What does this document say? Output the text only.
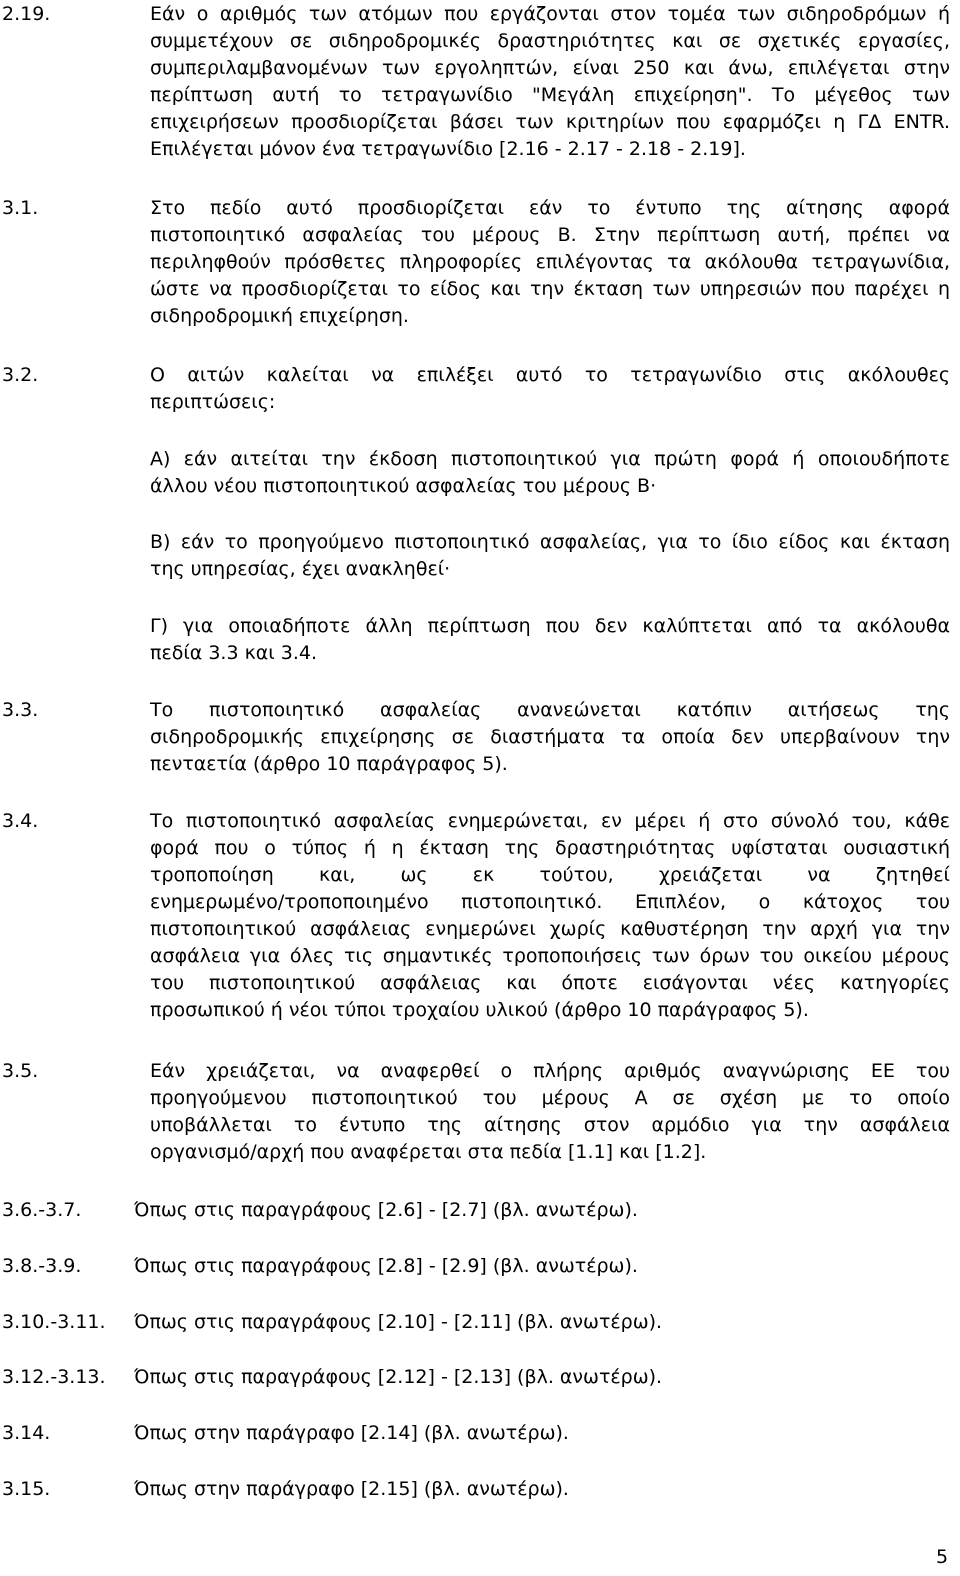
2.19.	Εάν ο αριθμός των ατόμων που εργάζονται στον τομέα των σιδηροδρόμων ή
συμμετέχουν σε σιδηροδρομικές δραστηριότητες και σε σχετικές εργασίες,
συμπεριλαμβανομένων των εργοληπτών, είναι 250 και άνω, επιλέγεται στην
περίπτωση αυτή το τετραγωνίδιο "Μεγάλη επιχείρηση". Το μέγεθος των
επιχειρήσεων προσδιορίζεται βάσει των κριτηρίων που εφαρμόζει η ΓΔ ENTR.
Επιλέγεται μόνον ένα τετραγωνίδιο [2.16 - 2.17 - 2.18 - 2.19].
3.1.	Στο πεδίο αυτό προσδιορίζεται εάν το έντυπο της αίτησης αφορά
πιστοποιητικό ασφαλείας του μέρους Β. Στην περίπτωση αυτή, πρέπει να
περιληφθούν πρόσθετες πληροφορίες επιλέγοντας τα ακόλουθα τετραγωνίδια,
ώστε να προσδιορίζεται το είδος και την έκταση των υπηρεσιών που παρέχει η
σιδηροδρομική επιχείρηση.
3.2.	Ο αιτών καλείται να επιλέξει αυτό το τετραγωνίδιο στις ακόλουθες
περιπτώσεις:
Α) εάν αιτείται την έκδοση πιστοποιητικού για πρώτη φορά ή οποιουδήποτε
άλλου νέου πιστοποιητικού ασφαλείας του μέρους Β·
Β) εάν το προηγούμενο πιστοποιητικό ασφαλείας, για το ίδιο είδος και έκταση
της υπηρεσίας, έχει ανακληθεί·
Γ) για οποιαδήποτε άλλη περίπτωση που δεν καλύπτεται από τα ακόλουθα
πεδία 3.3 και 3.4.
3.3.	Το πιστοποιητικό ασφαλείας ανανεώνεται κατόπιν αιτήσεως της
σιδηροδρομικής επιχείρησης σε διαστήματα τα οποία δεν υπερβαίνουν την
πενταετία (άρθρο 10 παράγραφος 5).
3.4.	Το πιστοποιητικό ασφαλείας ενημερώνεται, εν μέρει ή στο σύνολό του, κάθε
φορά που ο τύπος ή η έκταση της δραστηριότητας υφίσταται ουσιαστική
τροποποίηση και, ως εκ τούτου, χρειάζεται να ζητηθεί
ενημερωμένο/τροποποιημένο πιστοποιητικό. Επιπλέον, ο κάτοχος του
πιστοποιητικού ασφάλειας ενημερώνει χωρίς καθυστέρηση την αρχή για την
ασφάλεια για όλες τις σημαντικές τροποποιήσεις των όρων του οικείου μέρους
του πιστοποιητικού ασφάλειας και όποτε εισάγονται νέες κατηγορίες
προσωπικού ή νέοι τύποι τροχαίου υλικού (άρθρο 10 παράγραφος 5).
3.5.	Εάν χρειάζεται, να αναφερθεί ο πλήρης αριθμός αναγνώρισης ΕΕ του
προηγούμενου πιστοποιητικού του μέρους Α σε σχέση με το οποίο
υποβάλλεται το έντυπο της αίτησης στον αρμόδιο για την ασφάλεια
οργανισμό/αρχή που αναφέρεται στα πεδία [1.1] και [1.2].
3.6.-3.7.	Όπως στις παραγράφους [2.6] - [2.7] (βλ. ανωτέρω).
3.8.-3.9.	Όπως στις παραγράφους [2.8] - [2.9] (βλ. ανωτέρω).
3.10.-3.11. Όπως στις παραγράφους [2.10] - [2.11] (βλ. ανωτέρω).
3.12.-3.13. Όπως στις παραγράφους [2.12] - [2.13] (βλ. ανωτέρω).
3.14.	Όπως στην παράγραφο [2.14] (βλ. ανωτέρω).
3.15.	Όπως στην παράγραφο [2.15] (βλ. ανωτέρω).
5
